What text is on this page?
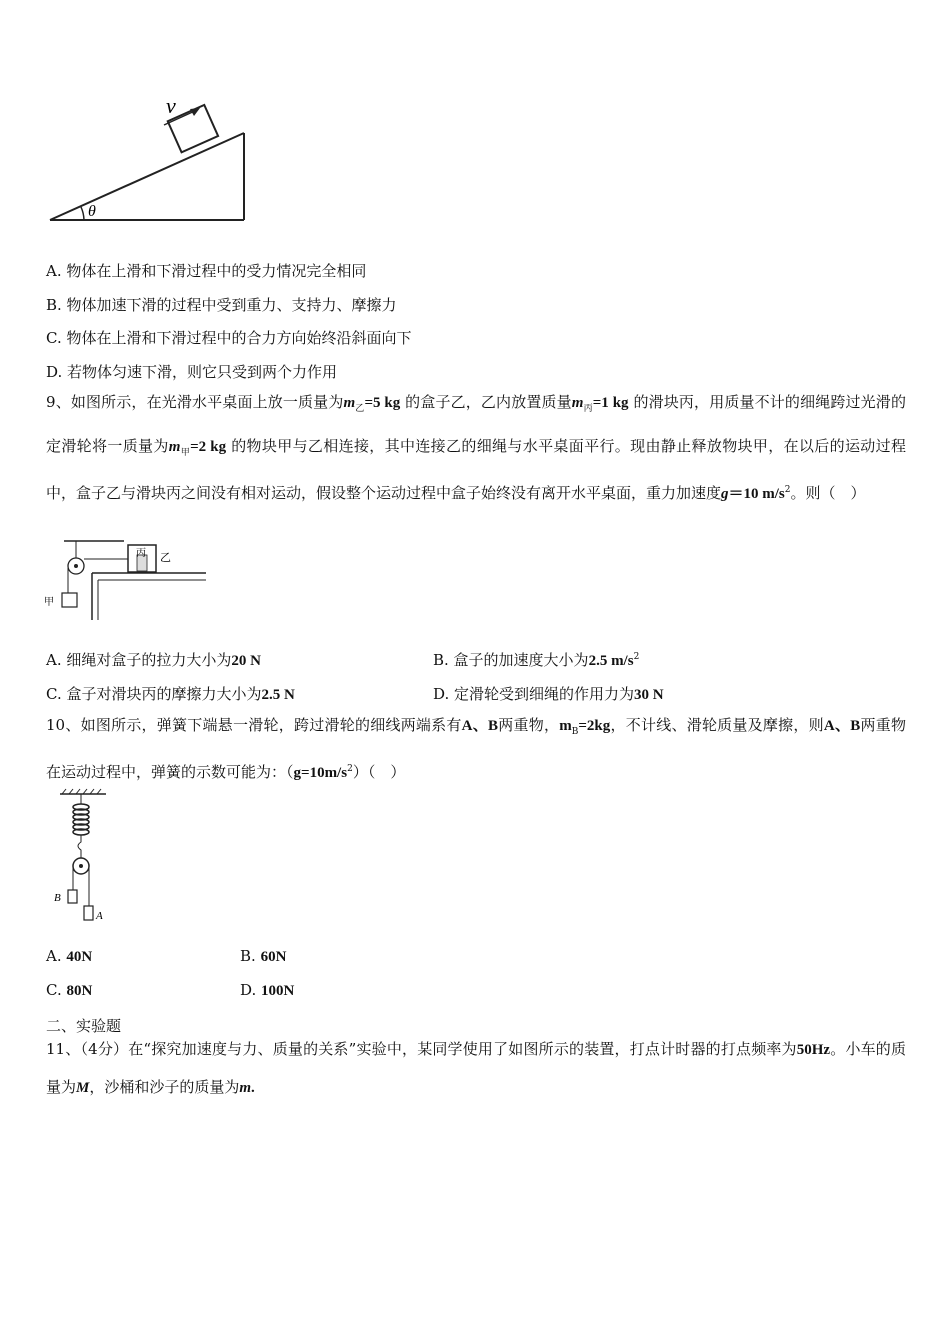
v
θ
A. 物体在上滑和下滑过程中的受力情况完全相同
B. 物体加速下滑的过程中受到重力、支持力、摩擦力
C. 物体在上滑和下滑过程中的合力方向始终沿斜面向下
D. 若物体匀速下滑，则它只受到两个力作用
9、如图所示，在光滑水平桌面上放一质量为$m_乙=5$ kg 的盒子乙，乙内放置质量$m_丙=1$ kg 的滑块丙，用质量不计的细绳跨过光滑的定滑轮将一质量为$m_甲=2$ kg 的物块甲与乙相连接，其中连接乙的细绳与水平桌面平行。现由静止释放物块甲，在以后的运动过程中，盒子乙与滑块丙之间没有相对运动，假设整个运动过程中盒子始终没有离开水平桌面，重力加速度g＝10 $m/s^2$。则（　）
甲
丙 乙
A. 细绳对盒子的拉力大小为20 N	B. 盒子的加速度大小为2.5 $m/s^2$
C. 盒子对滑块丙的摩擦力大小为2.5 N	D. 定滑轮受到细绳的作用力为30 N
10、如图所示，弹簧下端悬一滑轮，跨过滑轮的细线两端系有A、B两重物，$m_B=2kg$，不计线、滑轮质量及摩擦，则A、B两重物在运动过程中，弹簧的示数可能为：$(g=10m/s^2)$（　）
B
A
A. 40N	B. 60N
C. 80N	D. 100N
二、实验题
11、（4分）在“探究加速度与力、质量的关系”实验中，某同学使用了如图所示的装置，打点计时器的打点频率为50Hz。小车的质量为M，沙桶和沙子的质量为m.
